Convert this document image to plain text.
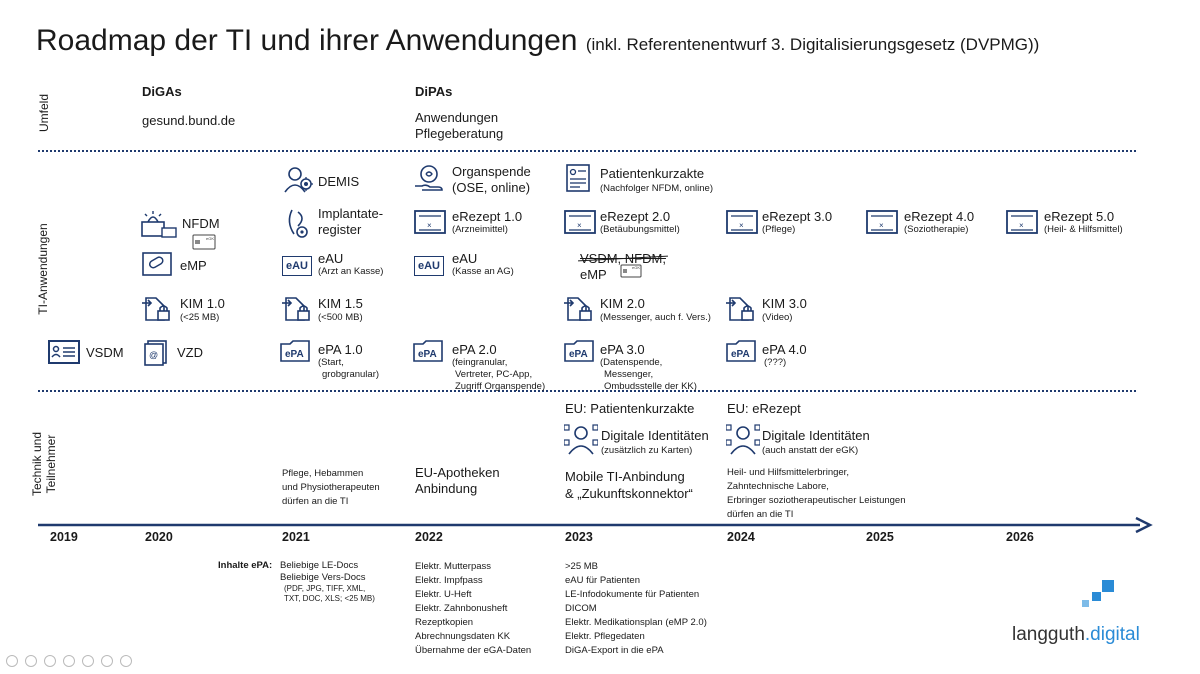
Roadmap der TI und ihrer Anwendungen (inkl. Referentenentwurf 3. Digitalisierungsgesetz (DVPMG))
Umfeld
TI-Anwendungen
Technik und Teilnehmer
DiGAs
gesund.bund.de
DiPAs
Anwendungen
Pflegeberatung
VSDM
NFDM
eGK
eMP
KIM 1.0
(<25 MB)
@ VZD
DEMIS
Implantate-
register
eAU eAU
(Arzt an Kasse)
KIM 1.5
(<500 MB)
ePA ePA 1.0
(Start,
grobgranular)
Organspende
(OSE, online)
×
eRezept 1.0
(Arzneimittel)
eAU eAU
(Kasse an AG)
ePA ePA 2.0
(feingranular,
Vertreter, PC-App,
Zugriff Organspende)
Patientenkurzakte
(Nachfolger NFDM, online)
×
eRezept 2.0
(Betäubungsmittel)
VSDM, NFDM,
eMP	eGK
KIM 2.0
(Messenger, auch f. Vers.)
ePA ePA 3.0
(Datenspende,
Messenger,
Ombudsstelle der KK)
×
eRezept 3.0
(Pflege)
KIM 3.0
(Video)
ePA ePA 4.0
(???)
×
eRezept 4.0
(Soziotherapie)	×
eRezept 5.0
(Heil- & Hilfsmittel)
Pflege, Hebammen
und Physiotherapeuten
dürfen an die TI
EU-Apotheken
Anbindung
EU: Patientenkurzakte
Digitale Identitäten
(zusätzlich zu Karten)
Mobile TI-Anbindung
& „Zukunftskonnektor“
EU: eRezept
Digitale Identitäten
(auch anstatt der eGK)
Heil- und Hilfsmittelerbringer,
Zahntechnische Labore,
Erbringer soziotherapeutischer Leistungen
dürfen an die TI
2019	2020	2021	2022	2023	2024	2025	2026
Inhalte ePA: Beliebige LE-Docs
Beliebige Vers-Docs
(PDF, JPG, TIFF, XML,
TXT, DOC, XLS; <25 MB)
Elektr. Mutterpass
Elektr. Impfpass
Elektr. U-Heft
Elektr. Zahnbonusheft
Rezeptkopien
Abrechnungsdaten KK
Übernahme der eGA-Daten
>25 MB
eAU für Patienten
LE-Infodokumente für Patienten
DICOM
Elektr. Medikationsplan (eMP 2.0)
Elektr. Pflegedaten
DiGA-Export in die ePA
langguth.digital
